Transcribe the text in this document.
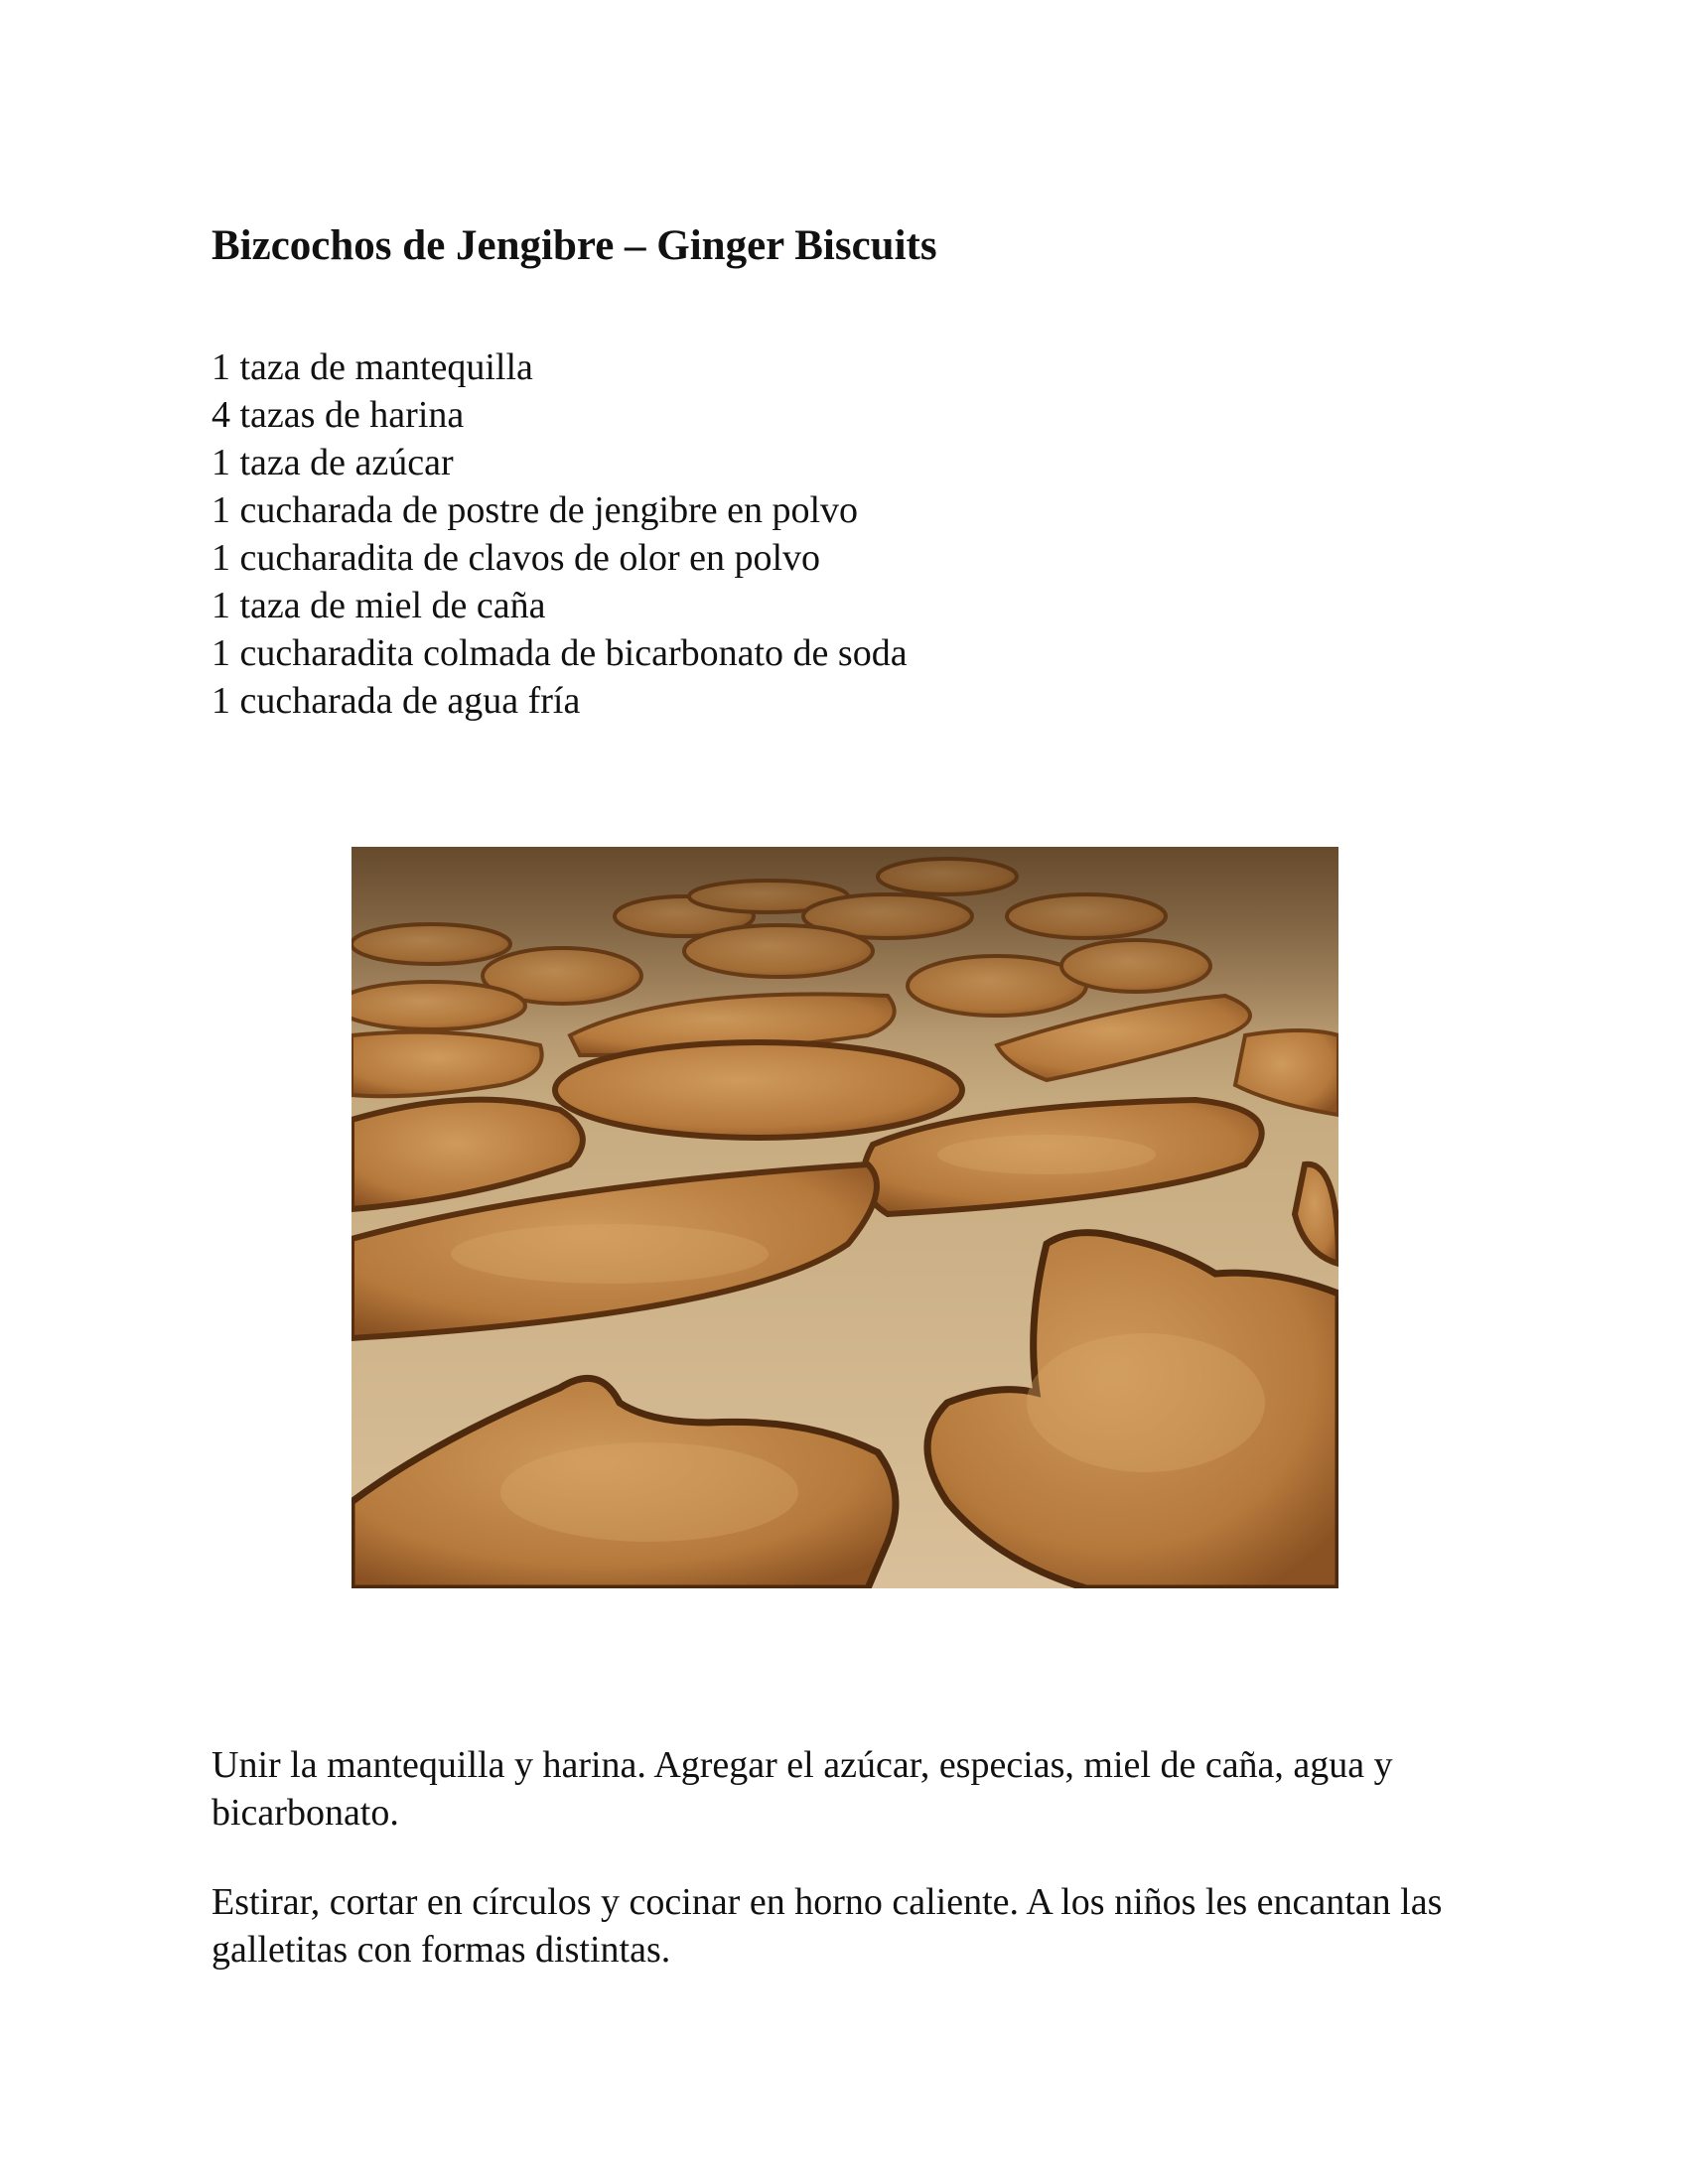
Bizcochos de Jengibre – Ginger Biscuits
1 taza de mantequilla
4 tazas de harina
1 taza de azúcar
1 cucharada de postre de jengibre en polvo
1 cucharadita de clavos de olor en polvo
1 taza de miel de caña
1 cucharadita colmada de bicarbonato de soda
1 cucharada de agua fría

Unir la mantequilla y harina. Agregar el azúcar, especias, miel de caña, agua y bicarbonato.

Estirar, cortar en círculos y cocinar en horno caliente. A los niños les encantan las galletitas con formas distintas.
